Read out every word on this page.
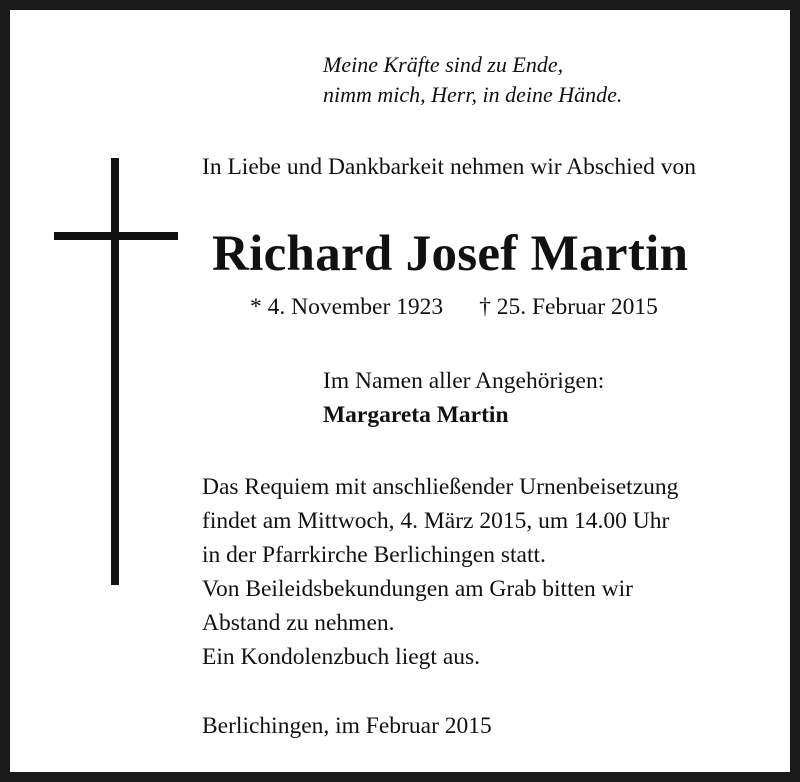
Meine Kräfte sind zu Ende,
nimm mich, Herr, in deine Hände.
In Liebe und Dankbarkeit nehmen wir Abschied von
Richard Josef Martin
* 4. November 1923 † 25. Februar 2015
Im Namen aller Angehörigen:
Margareta Martin
Das Requiem mit anschließender Urnenbeisetzung
findet am Mittwoch, 4. März 2015, um 14.00 Uhr
in der Pfarrkirche Berlichingen statt.
Von Beileidsbekundungen am Grab bitten wir
Abstand zu nehmen.
Ein Kondolenzbuch liegt aus.
Berlichingen, im Februar 2015
